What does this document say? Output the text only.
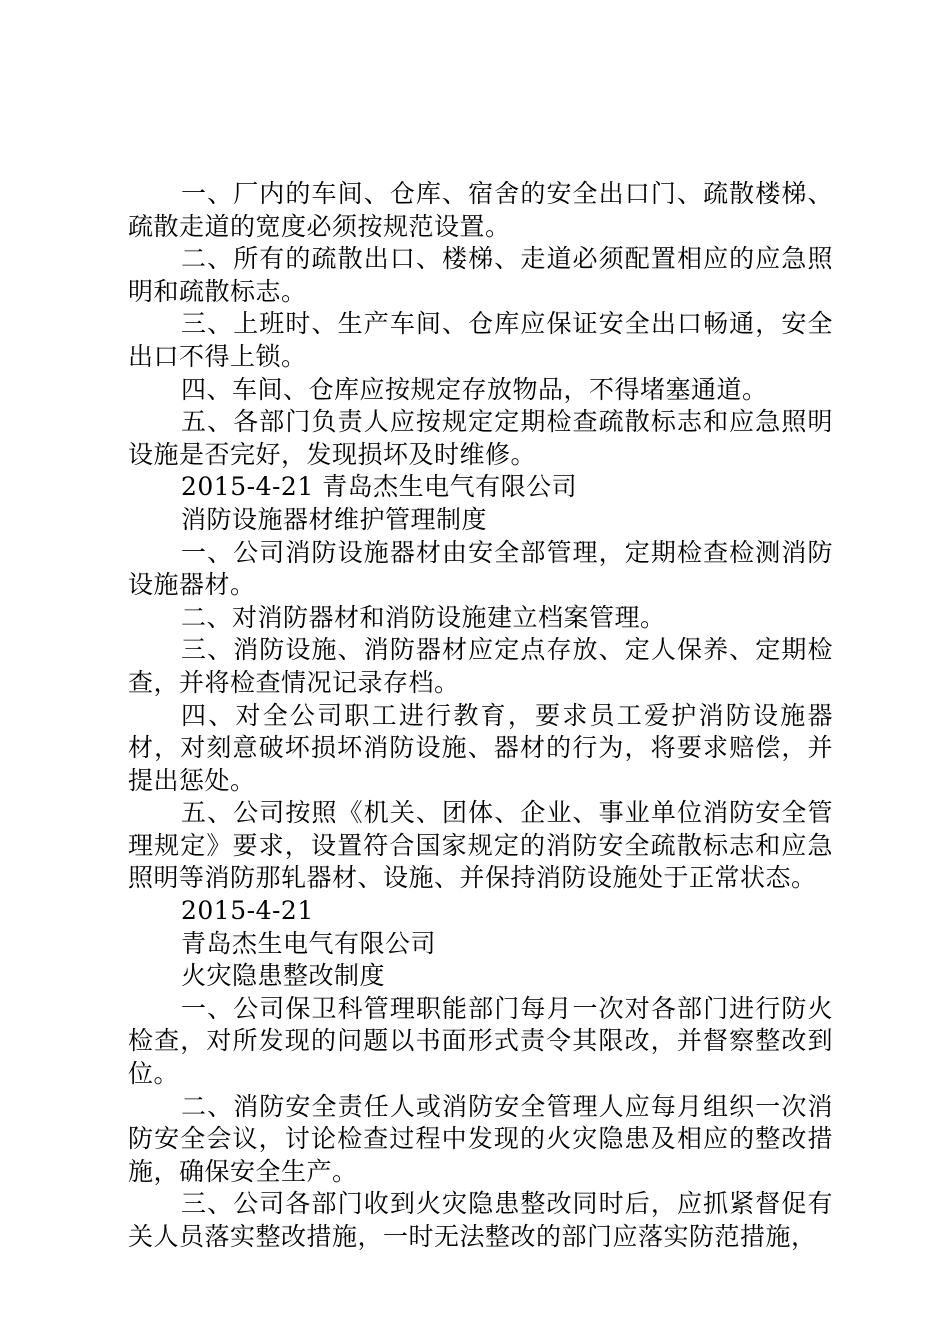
一、厂内的车间、仓库、宿舍的安全出口门、疏散楼梯、疏散走道的宽度必须按规范设置。

二、所有的疏散出口、楼梯、走道必须配置相应的应急照明和疏散标志。

三、上班时、生产车间、仓库应保证安全出口畅通，安全出口不得上锁。

四、车间、仓库应按规定存放物品，不得堵塞通道。

五、各部门负责人应按规定定期检查疏散标志和应急照明设施是否完好，发现损坏及时维修。

2015-4-21 青岛杰生电气有限公司

消防设施器材维护管理制度

一、公司消防设施器材由安全部管理，定期检查检测消防设施器材。

二、对消防器材和消防设施建立档案管理。

三、消防设施、消防器材应定点存放、定人保养、定期检查，并将检查情况记录存档。

四、对全公司职工进行教育，要求员工爱护消防设施器材，对刻意破坏损坏消防设施、器材的行为，将要求赔偿，并提出惩处。

五、公司按照《机关、团体、企业、事业单位消防安全管理规定》要求，设置符合国家规定的消防安全疏散标志和应急照明等消防那轧器材、设施、并保持消防设施处于正常状态。

2015-4-21

青岛杰生电气有限公司

火灾隐患整改制度

一、公司保卫科管理职能部门每月一次对各部门进行防火检查，对所发现的问题以书面形式责令其限改，并督察整改到位。

二、消防安全责任人或消防安全管理人应每月组织一次消防安全会议，讨论检查过程中发现的火灾隐患及相应的整改措施，确保安全生产。

三、公司各部门收到火灾隐患整改同时后，应抓紧督促有关人员落实整改措施，一时无法整改的部门应落实防范措施，
